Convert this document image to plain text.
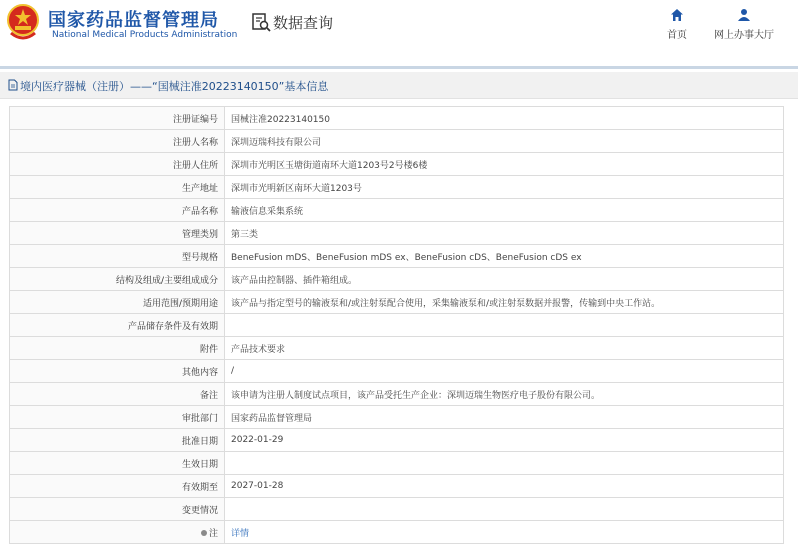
国家药品监督管理局
National Medical Products Administration
数据查询
首页	网上办事大厅
境内医疗器械（注册）——“国械注准20223140150”基本信息
注册证编号	国械注准20223140150
注册人名称	深圳迈瑞科技有限公司
注册人住所	深圳市光明区玉塘街道南环大道1203号2号楼6楼
生产地址	深圳市光明新区南环大道1203号
产品名称	输液信息采集系统
管理类别	第三类
型号规格	BeneFusion mDS、BeneFusion mDS ex、BeneFusion cDS、BeneFusion cDS ex
结构及组成/主要组成成分	该产品由控制器、插件箱组成。
适用范围/预期用途	该产品与指定型号的输液泵和/或注射泵配合使用，采集输液泵和/或注射泵数据并报警，传输到中央工作站。
产品储存条件及有效期	
附件	产品技术要求
其他内容	/
备注	该申请为注册人制度试点项目，该产品受托生产企业：深圳迈瑞生物医疗电子股份有限公司。
审批部门	国家药品监督管理局
批准日期	2022-01-29
生效日期	
有效期至	2027-01-28
变更情况	
注	详情
